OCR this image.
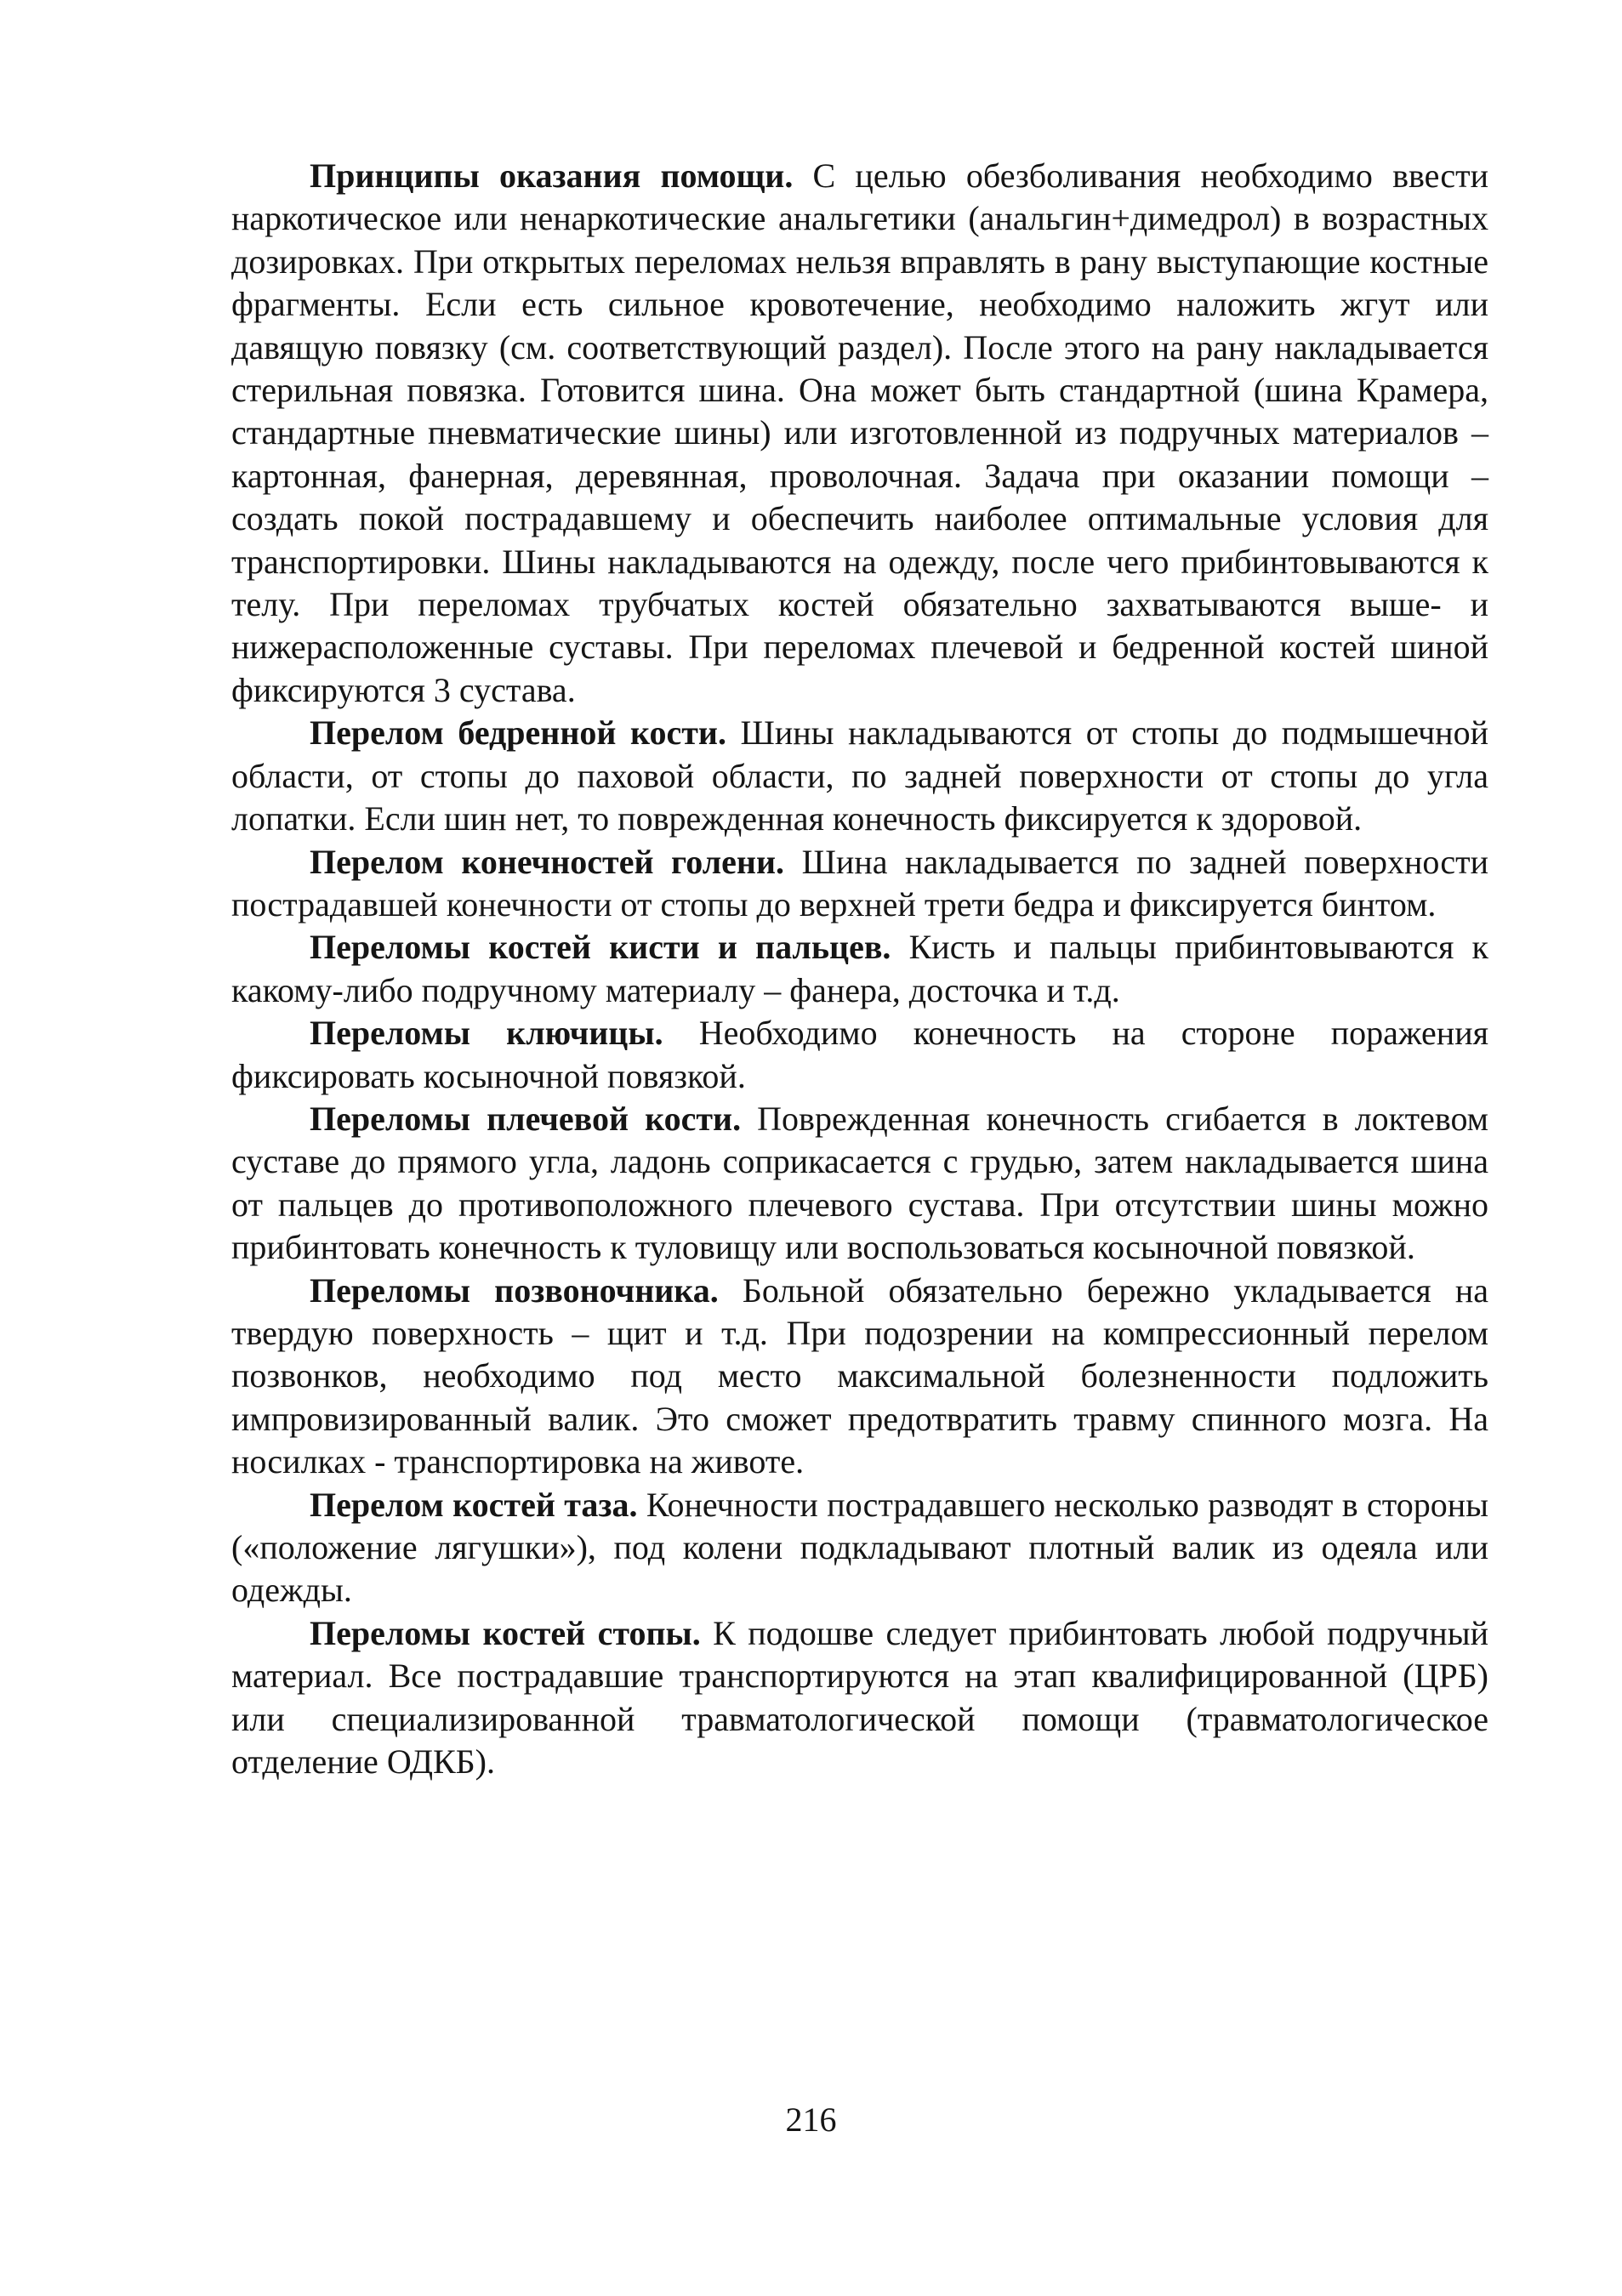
Принципы оказания помощи. С целью обезболивания необходимо ввести наркотическое или ненаркотические анальгетики (анальгин+димедрол) в возрастных дозировках. При открытых переломах нельзя вправлять в рану выступающие костные фрагменты. Если есть сильное кровотечение, необходимо наложить жгут или давящую повязку (см. соответствующий раздел). После этого на рану накладывается стерильная повязка. Готовится шина. Она может быть стандартной (шина Крамера, стандартные пневматические шины) или изготовленной из подручных материалов – картонная, фанерная, деревянная, проволочная. Задача при оказании помощи – создать покой пострадавшему и обеспечить наиболее оптимальные условия для транспортировки. Шины накладываются на одежду, после чего прибинтовываются к телу. При переломах трубчатых костей обязательно захватываются выше- и нижерасположенные суставы. При переломах плечевой и бедренной костей шиной фиксируются 3 сустава.

Перелом бедренной кости. Шины накладываются от стопы до подмышечной области, от стопы до паховой области, по задней поверхности от стопы до угла лопатки. Если шин нет, то поврежденная конечность фиксируется к здоровой.

Перелом конечностей голени. Шина накладывается по задней поверхности пострадавшей конечности от стопы до верхней трети бедра и фиксируется бинтом.

Переломы костей кисти и пальцев. Кисть и пальцы прибинтовываются к какому-либо подручному материалу – фанера, досточка и т.д.

Переломы ключицы. Необходимо конечность на стороне поражения фиксировать косыночной повязкой.

Переломы плечевой кости. Поврежденная конечность сгибается в локтевом суставе до прямого угла, ладонь соприкасается с грудью, затем накладывается шина от пальцев до противоположного плечевого сустава. При отсутствии шины можно прибинтовать конечность к туловищу или воспользоваться косыночной повязкой.

Переломы позвоночника. Больной обязательно бережно укладывается на твердую поверхность – щит и т.д. При подозрении на компрессионный перелом позвонков, необходимо под место максимальной болезненности подложить импровизированный валик. Это сможет предотвратить травму спинного мозга. На носилках - транспортировка на животе.

Перелом костей таза. Конечности пострадавшего несколько разводят в стороны («положение лягушки»), под колени подкладывают плотный валик из одеяла или одежды.

Переломы костей стопы. К подошве следует прибинтовать любой подручный материал. Все пострадавшие транспортируются на этап квалифицированной (ЦРБ) или специализированной травматологической помощи (травматологическое отделение ОДКБ).

216
